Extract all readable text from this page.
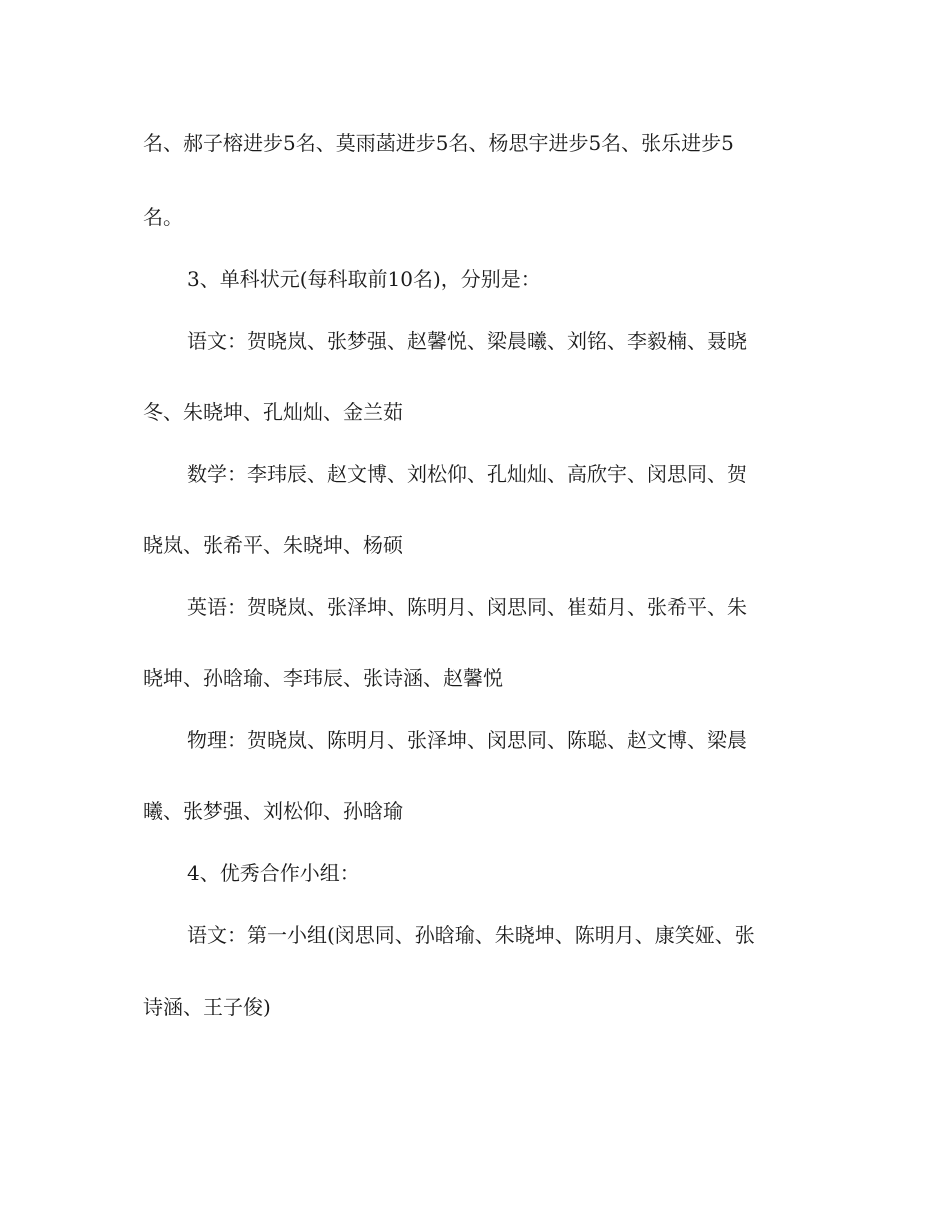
名、郝子榕进步5名、莫雨菡进步5名、杨思宇进步5名、张乐进步5
名。
3、单科状元(每科取前10名)，分别是：
语文：贺晓岚、张梦强、赵馨悦、梁晨曦、刘铭、李毅楠、聂晓
冬、朱晓坤、孔灿灿、金兰茹
数学：李玮辰、赵文博、刘松仰、孔灿灿、高欣宇、闵思同、贺
晓岚、张希平、朱晓坤、杨硕
英语：贺晓岚、张泽坤、陈明月、闵思同、崔茹月、张希平、朱
晓坤、孙晗瑜、李玮辰、张诗涵、赵馨悦
物理：贺晓岚、陈明月、张泽坤、闵思同、陈聪、赵文博、梁晨
曦、张梦强、刘松仰、孙晗瑜
4、优秀合作小组：
语文：第一小组(闵思同、孙晗瑜、朱晓坤、陈明月、康笑娅、张
诗涵、王子俊)
